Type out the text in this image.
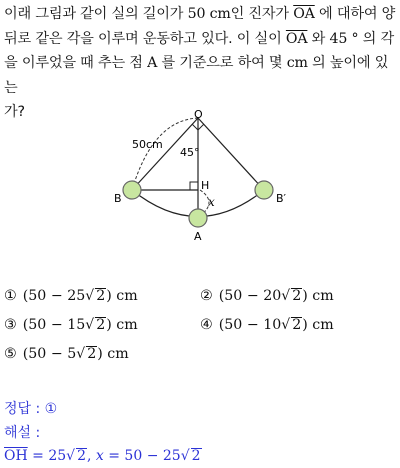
이래 그림과 같이 실의 길이가 50 cm인 진자가 $\overline{OA}$ 에 대하여 양
뒤로 같은 각을 이루며 운동하고 있다. 이 실이 $\overline{OA}$ 와 45 ° 의 각
을 이루었을 때 추는 점 A 를 기준으로 하여 몇 cm 의 높이에 있는
가?	O
50cm
45°
H
x
B	B′
A
① (50 − 25√ 2) cm	② (50 − 20√ 2) cm
③ (50 − 15√ 2) cm	④ (50 − 10√ 2) cm
⑤ (50 − 5√ 2) cm
정답 : ①
해설 :
$\overline{OH} = 25√$ 2, x = 50 − 25√ 2
